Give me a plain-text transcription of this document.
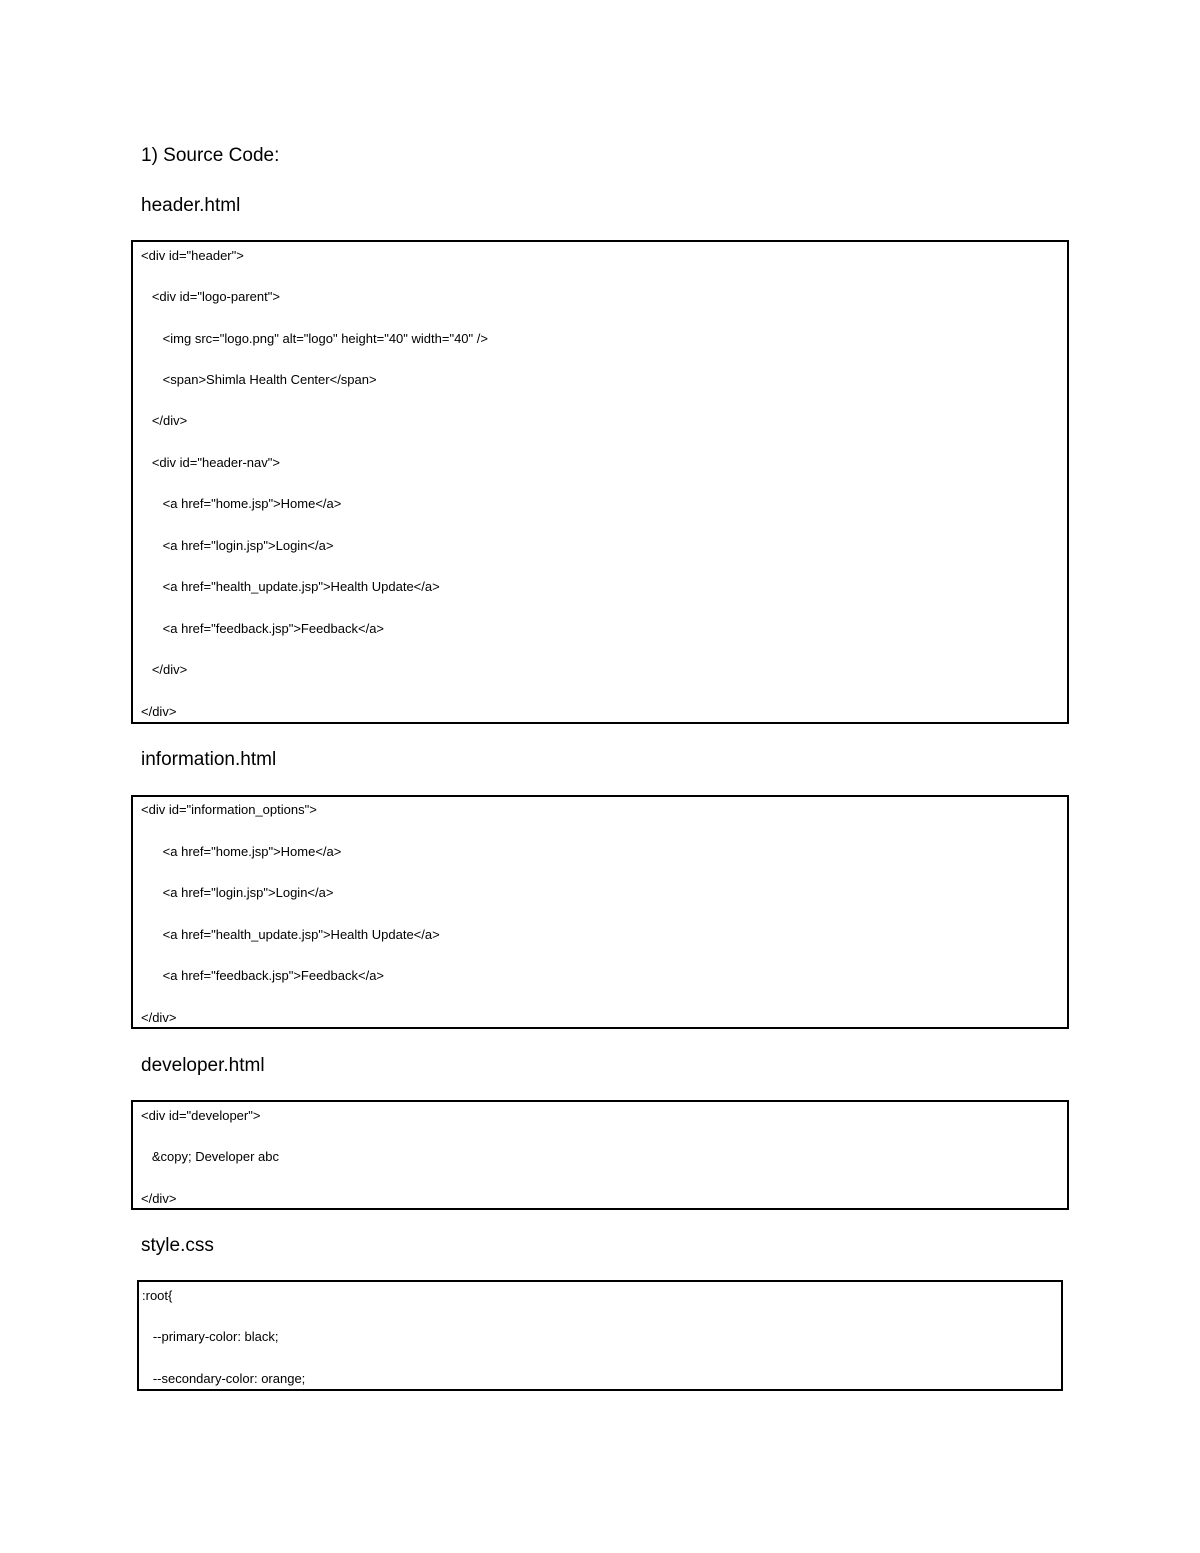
1) Source Code:
header.html
<div id="header">
<div id="logo-parent">
<img src="logo.png" alt="logo" height="40" width="40" />
<span>Shimla Health Center</span>
</div>
<div id="header-nav">
<a href="home.jsp">Home</a>
<a href="login.jsp">Login</a>
<a href="health_update.jsp">Health Update</a>
<a href="feedback.jsp">Feedback</a>
</div>
</div>
information.html
<div id="information_options">
<a href="home.jsp">Home</a>
<a href="login.jsp">Login</a>
<a href="health_update.jsp">Health Update</a>
<a href="feedback.jsp">Feedback</a>
</div>
developer.html
<div id="developer">
&copy; Developer abc
</div>
style.css
:root{
--primary-color: black;
--secondary-color: orange;
